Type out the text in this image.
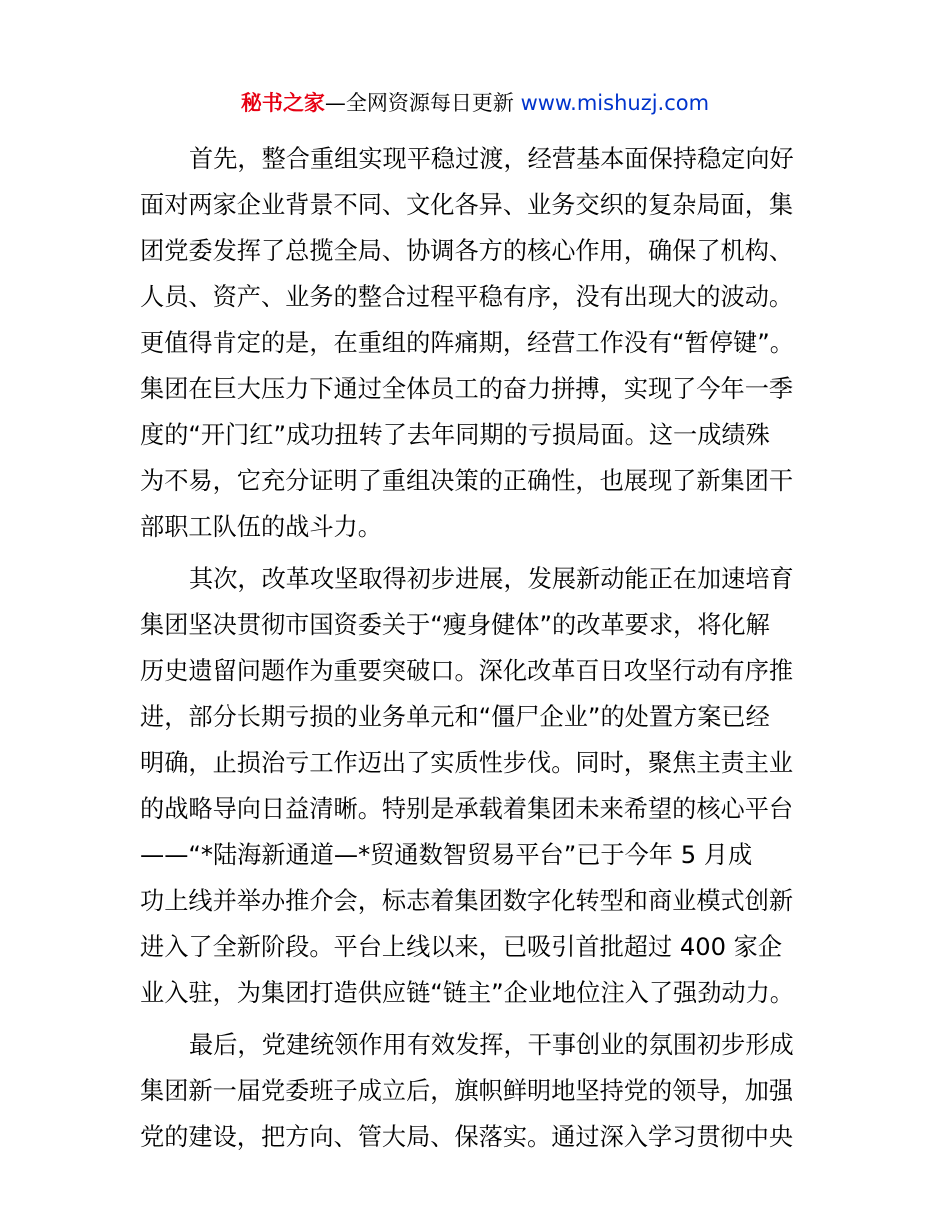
秘书之家—全网资源每日更新 www.mishuzj.com
首先，整合重组实现平稳过渡，经营基本面保持稳定向好
面对两家企业背景不同、文化各异、业务交织的复杂局面，集
团党委发挥了总揽全局、协调各方的核心作用，确保了机构、
人员、资产、业务的整合过程平稳有序，没有出现大的波动。
更值得肯定的是，在重组的阵痛期，经营工作没有“暂停键”。
集团在巨大压力下通过全体员工的奋力拼搏，实现了今年一季
度的“开门红”成功扭转了去年同期的亏损局面。这一成绩殊
为不易，它充分证明了重组决策的正确性，也展现了新集团干
部职工队伍的战斗力。
其次，改革攻坚取得初步进展，发展新动能正在加速培育
集团坚决贯彻市国资委关于“瘦身健体”的改革要求，将化解
历史遗留问题作为重要突破口。深化改革百日攻坚行动有序推
进，部分长期亏损的业务单元和“僵尸企业”的处置方案已经
明确，止损治亏工作迈出了实质性步伐。同时，聚焦主责主业
的战略导向日益清晰。特别是承载着集团未来希望的核心平台
——“*陆海新通道—*贸通数智贸易平台”已于今年 5 月成
功上线并举办推介会，标志着集团数字化转型和商业模式创新
进入了全新阶段。平台上线以来，已吸引首批超过 400 家企
业入驻，为集团打造供应链“链主”企业地位注入了强劲动力。
最后，党建统领作用有效发挥，干事创业的氛围初步形成
集团新一届党委班子成立后，旗帜鲜明地坚持党的领导，加强
党的建设，把方向、管大局、保落实。通过深入学习贯彻中央
